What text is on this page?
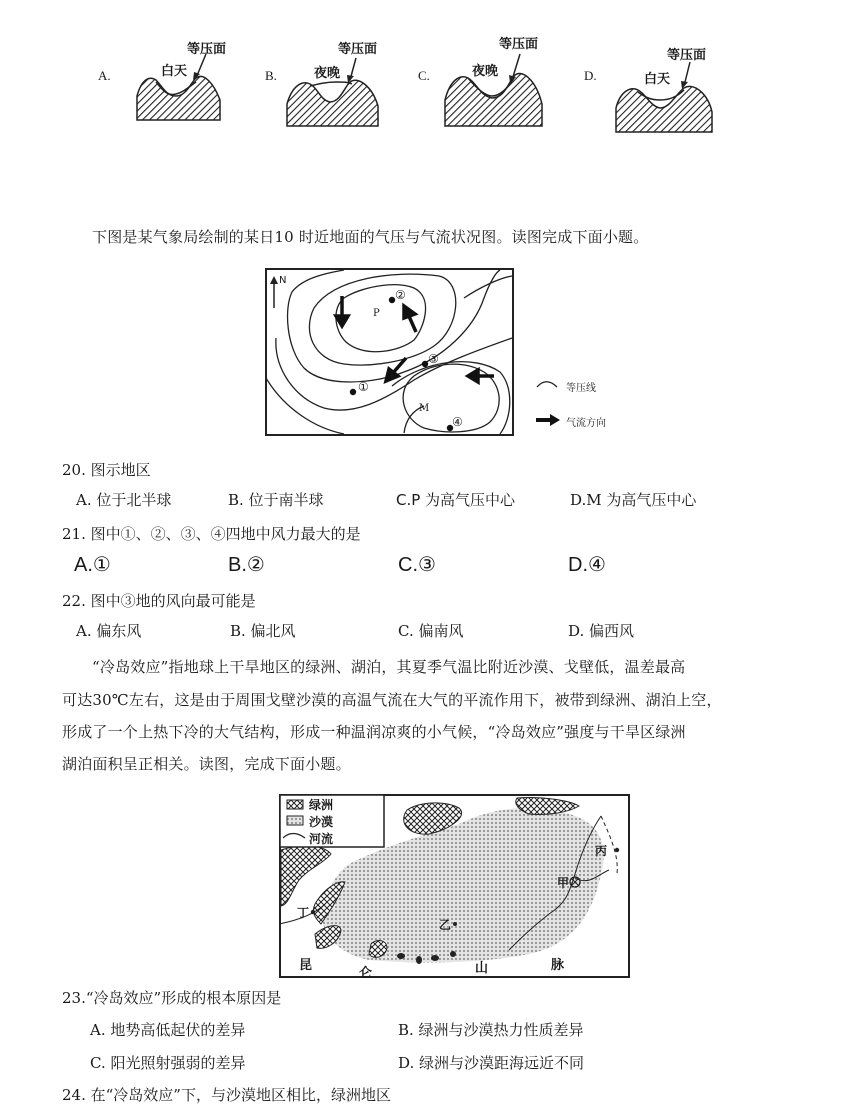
A.	白天
等压面
B.	夜晚
等压面
C.	夜晚
等压面
D.	白天
等压面
下图是某气象局绘制的某日10 时近地面的气压与气流状况图。读图完成下面小题。
N
P
M
①
②
③
④
等压线
气流方向
20. 图示地区
A. 位于北半球	B. 位于南半球	C.P 为高气压中心	D.M 为高气压中心
21. 图中①、②、③、④四地中风力最大的是
A.①	B.②	C.③	D.④
22. 图中③地的风向最可能是
A. 偏东风	B. 偏北风	C. 偏南风	D. 偏西风
“冷岛效应”指地球上干旱地区的绿洲、湖泊，其夏季气温比附近沙漠、戈壁低，温差最高
可达30℃左右，这是由于周围戈壁沙漠的高温气流在大气的平流作用下，被带到绿洲、湖泊上空，
形成了一个上热下冷的大气结构，形成一种温润凉爽的小气候，“冷岛效应”强度与干旱区绿洲
湖泊面积呈正相关。读图，完成下面小题。
绿洲
沙漠
河流
丙
甲
乙
丁
昆
仑	山	脉
23.“冷岛效应”形成的根本原因是
A. 地势高低起伏的差异	B. 绿洲与沙漠热力性质差异
C. 阳光照射强弱的差异	D. 绿洲与沙漠距海远近不同
24. 在“冷岛效应”下，与沙漠地区相比，绿洲地区
